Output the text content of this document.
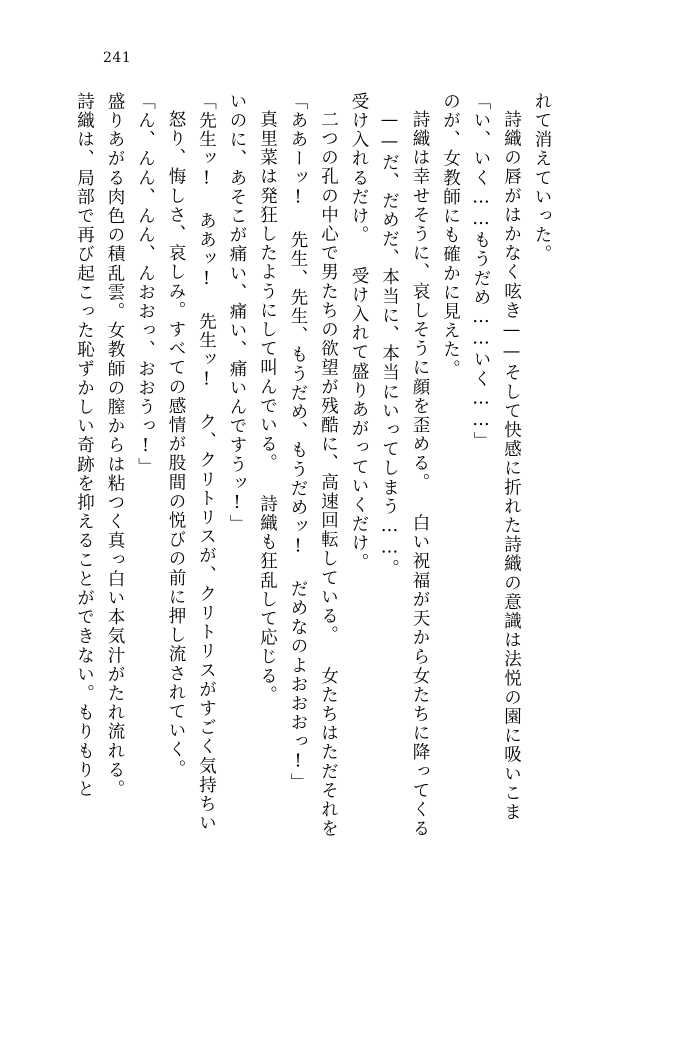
241
詩織は、局部で再び起こった恥ずかしい奇跡を抑えることができない。もりもりと 盛りあがる肉色の積乱雲。女教師の膣からは粘つく真っ白い本気汁がたれ流れる。 「ん、んん、んん、んおおっ、おおうっ!」 怒り、悔しさ、哀しみ。すべての感情が股間の悦びの前に押し流されていく。 「先生ッ! ああッ! 先生ッ! ク、クリトリスが、クリトリスがすごく気持ちい いのに、あそこが痛い、痛い、痛いんですうッ!」 真里菜は発狂したようにして叫んでいる。 詩織も狂乱して応じる。 「ああーッ! 先生、先生、もうだめ、もうだめッ! だめなのよおおおっ!」 二つの孔の中心で男たちの欲望が残酷に、高速回転している。 女たちはただそれを 受け入れるだけ。 受け入れて盛りあがっていくだけ。 ——だ、だめだ、本当に、本当にいってしまう……。 詩織は幸せそうに、哀しそうに顔を歪める。 白い祝福が天から女たちに降ってくる のが、女教師にも確かに見えた。 「い、いく……もうだめ……いく……」 詩織の唇がはかなく呟き——そして快感に折れた詩織の意識は法悦の園に吸いこま れて消えていった。
